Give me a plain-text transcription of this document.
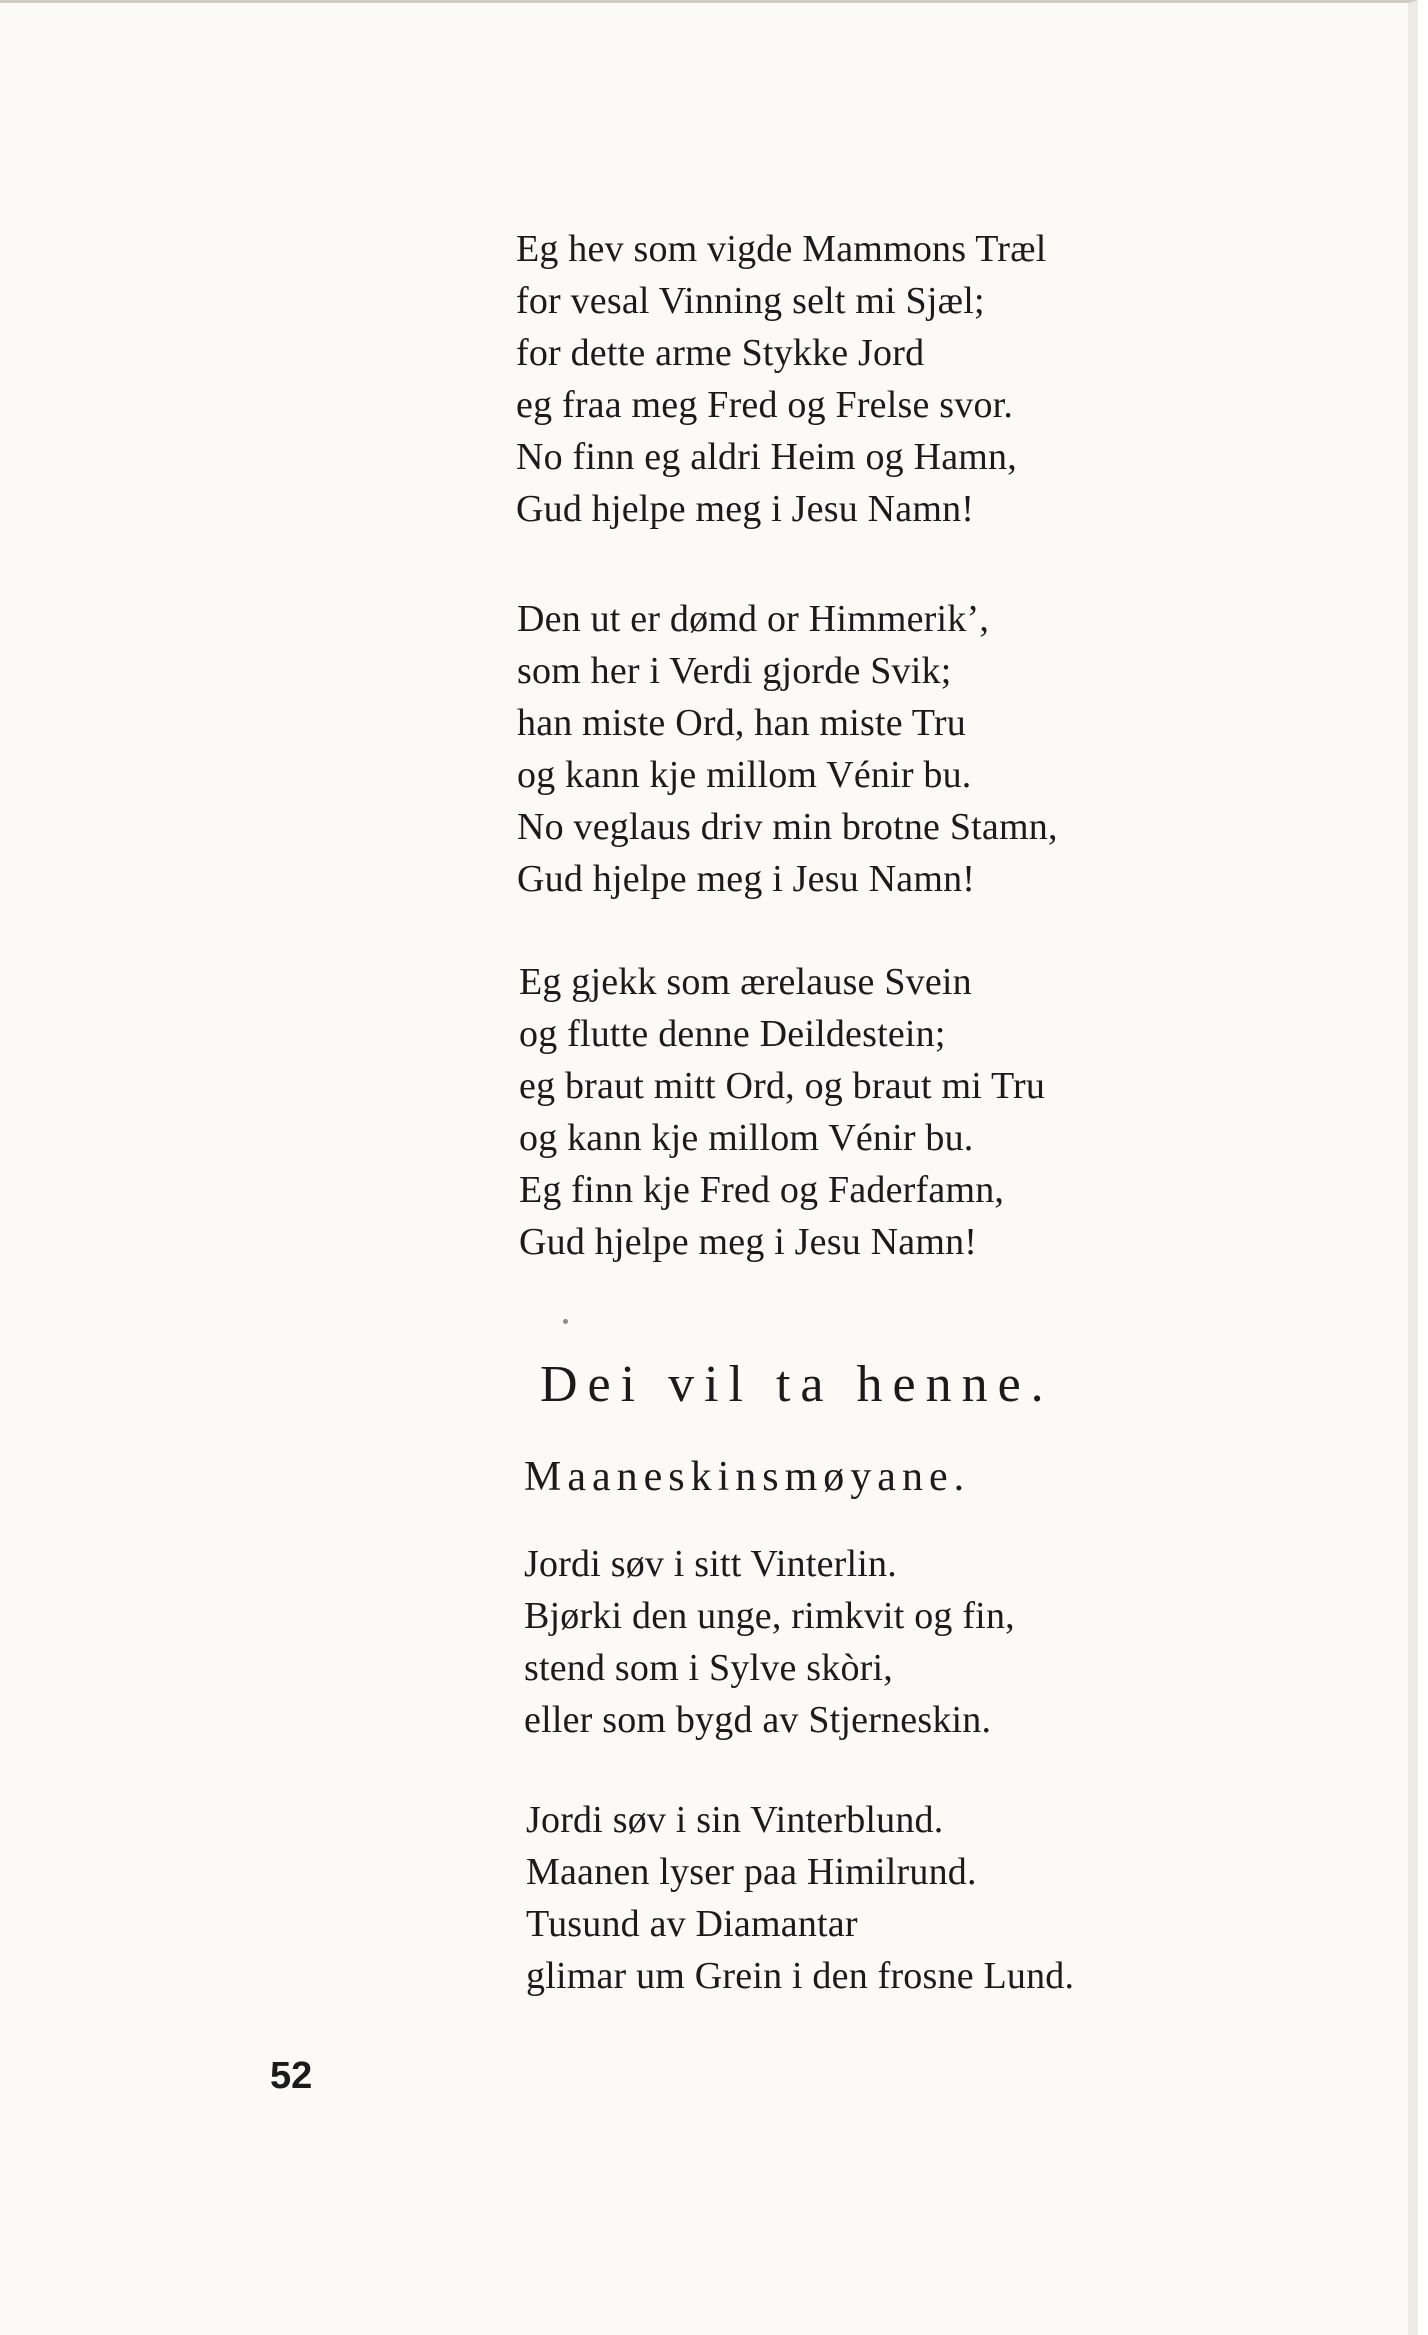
Eg hev som vigde Mammons Træl
for vesal Vinning selt mi Sjæl;
for dette arme Stykke Jord
eg fraa meg Fred og Frelse svor.
No finn eg aldri Heim og Hamn,
Gud hjelpe meg i Jesu Namn!
Den ut er dømd or Himmerik’,
som her i Verdi gjorde Svik;
han miste Ord, han miste Tru
og kann kje millom Vénir bu.
No veglaus driv min brotne Stamn,
Gud hjelpe meg i Jesu Namn!
Eg gjekk som ærelause Svein
og flutte denne Deildestein;
eg braut mitt Ord, og braut mi Tru
og kann kje millom Vénir bu.
Eg finn kje Fred og Faderfamn,
Gud hjelpe meg i Jesu Namn!
Dei vil ta henne.
Maaneskinsmøyane.
Jordi søv i sitt Vinterlin.
Bjørki den unge, rimkvit og fin,
stend som i Sylve skòri,
eller som bygd av Stjerneskin.
Jordi søv i sin Vinterblund.
Maanen lyser paa Himilrund.
Tusund av Diamantar
glimar um Grein i den frosne Lund.
52
